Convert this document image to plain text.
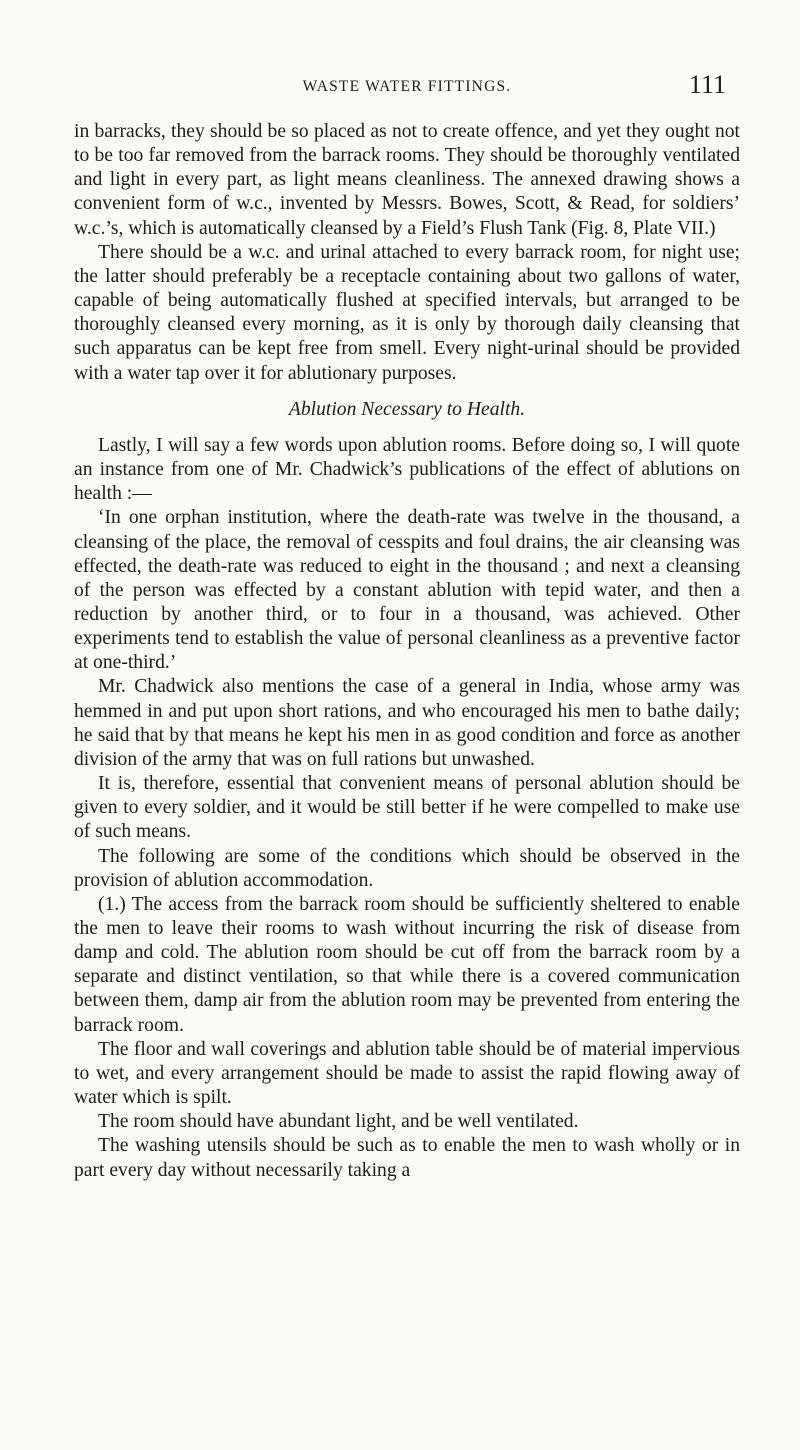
WASTE WATER FITTINGS.	111

in barracks, they should be so placed as not to create offence, and yet they ought not to be too far removed from the barrack rooms. They should be thoroughly ventilated and light in every part, as light means cleanliness. The annexed drawing shows a convenient form of w.c., invented by Messrs. Bowes, Scott, & Read, for soldiers’ w.c.’s, which is automatically cleansed by a Field’s Flush Tank (Fig. 8, Plate VII.)

There should be a w.c. and urinal attached to every barrack room, for night use; the latter should preferably be a receptacle containing about two gallons of water, capable of being automatically flushed at specified intervals, but arranged to be thoroughly cleansed every morning, as it is only by thorough daily cleansing that such apparatus can be kept free from smell. Every night-urinal should be provided with a water tap over it for ablutionary purposes.

Ablution Necessary to Health.

Lastly, I will say a few words upon ablution rooms. Before doing so, I will quote an instance from one of Mr. Chadwick’s publications of the effect of ablutions on health :—

‘In one orphan institution, where the death-rate was twelve in the thousand, a cleansing of the place, the removal of cesspits and foul drains, the air cleansing was effected, the death-rate was reduced to eight in the thousand ; and next a cleansing of the person was effected by a constant ablution with tepid water, and then a reduction by another third, or to four in a thousand, was achieved. Other experiments tend to establish the value of personal cleanliness as a preventive factor at one-third.’

Mr. Chadwick also mentions the case of a general in India, whose army was hemmed in and put upon short rations, and who encouraged his men to bathe daily; he said that by that means he kept his men in as good condition and force as another division of the army that was on full rations but unwashed.

It is, therefore, essential that convenient means of personal ablution should be given to every soldier, and it would be still better if he were compelled to make use of such means.

The following are some of the conditions which should be observed in the provision of ablution accommodation.

(1.) The access from the barrack room should be sufficiently sheltered to enable the men to leave their rooms to wash without incurring the risk of disease from damp and cold. The ablution room should be cut off from the barrack room by a separate and distinct ventilation, so that while there is a covered communication between them, damp air from the ablution room may be prevented from entering the barrack room.

The floor and wall coverings and ablution table should be of material impervious to wet, and every arrangement should be made to assist the rapid flowing away of water which is spilt.

The room should have abundant light, and be well ventilated.

The washing utensils should be such as to enable the men to wash wholly or in part every day without necessarily taking a
